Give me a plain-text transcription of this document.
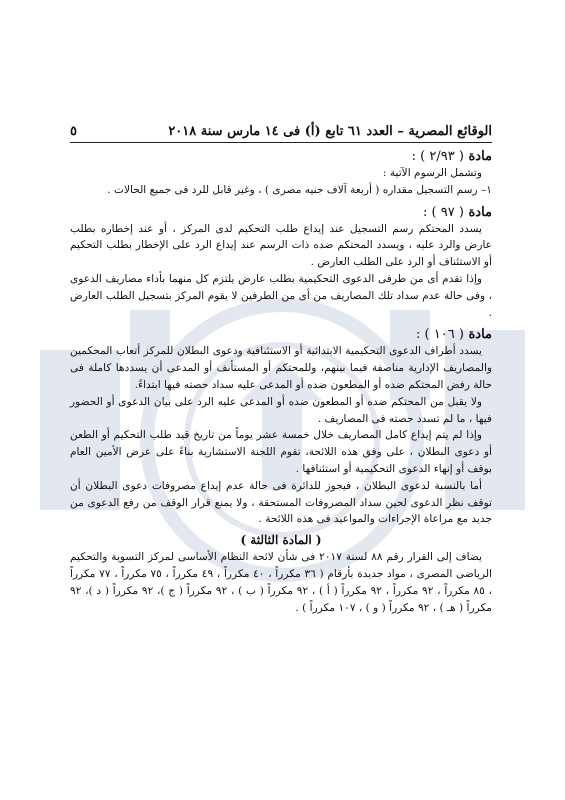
الوقائع المصرية – العدد ٦١ تابع (أ) فى ١٤ مارس سنة ٢٠١٨
٥
مادة ( ٢/٩٣ ) :

وتشمل الرسوم الآتية :

١– رسم التسجيل مقداره ( أربعة آلاف جنيه مصرى ) ، وغير قابل للرد فى جميع الحالات .

مادة ( ٩٧ ) :

يسدد المحتكم رسم التسجيل عند إيداع طلب التحكيم لدى المركز ، أو عند إخطاره بطلب عارض والرد عليه ، ويسدد المحتكم ضده ذات الرسم عند إيداع الرد على الإخطار بطلب التحكيم أو الاستئناف أو الرد على الطلب العارض .

وإذا تقدم أى من طرفى الدعوى التحكيمية بطلب عارض يلتزم كل منهما بأداء مصاريف الدعوى ، وفى حالة عدم سداد تلك المصاريف من أى من الطرفين لا يقوم المركز بتسجيل الطلب العارض .

مادة ( ١٠٦ ) :

يسدد أطراف الدعوى التحكيمية الابتدائية أو الاستئنافية ودعوى البطلان للمركز أتعاب المحكمين والمصاريف الإدارية مناصفة فيما بينهم، وللمحتكم أو المستأنف أو المدعى أن يسددها كاملة فى حالة رفض المحتكم ضده أو المطعون ضده أو المدعى عليه سداد حصته فيها ابتداءً.

ولا يقبل من المحتكم ضده أو المطعون ضده أو المدعى عليه الرد على بيان الدعوى أو الحضور فيها ، ما لم تسدد حصته فى المصاريف .

وإذا لم يتم إيداع كامل المصاريف خلال خمسة عشر يوماً من تاريخ قيد طلب التحكيم أو الطعن أو دعوى البطلان ، على وفق هذه اللائحة، تقوم اللجنة الاستشارية بناءً على عرض الأمين العام بوقف أو إنهاء الدعوى التحكيمية أو استئنافها .

أما بالنسبة لدعوى البطلان ، فيجوز للدائرة فى حالة عدم إيداع مصروفات دعوى البطلان أن توقف نظر الدعوى لحين سداد المصروفات المستحقة ، ولا يمنع قرار الوقف من رفع الدعوى من جديد مع مراعاة الإجراءات والمواعيد فى هذه اللائحة .

( المادة الثالثة )

يضاف إلى القرار رقم ٨٨ لسنة ٢٠١٧ فى شأن لائحة النظام الأساسى لمركز التسوية والتحكيم الرياضى المصرى ، مواد جديدة بأرقام ( ٣٦ مكرراً ، ٤٠ مكرراً ، ٤٩ مكرراً ، ٧٥ مكرراً ، ٧٧ مكرراً ، ٨٥ مكرراً ، ٩٢ مكرراً ، ٩٢ مكرراً ( أ ) ، ٩٢ مكرراً ( ب ) ، ٩٢ مكرراً ( ج )، ٩٢ مكرراً ( د )، ٩٢ مكرراً ( هـ ) ، ٩٢ مكرراً ( و ) ، ١٠٧ مكرراً ) .
